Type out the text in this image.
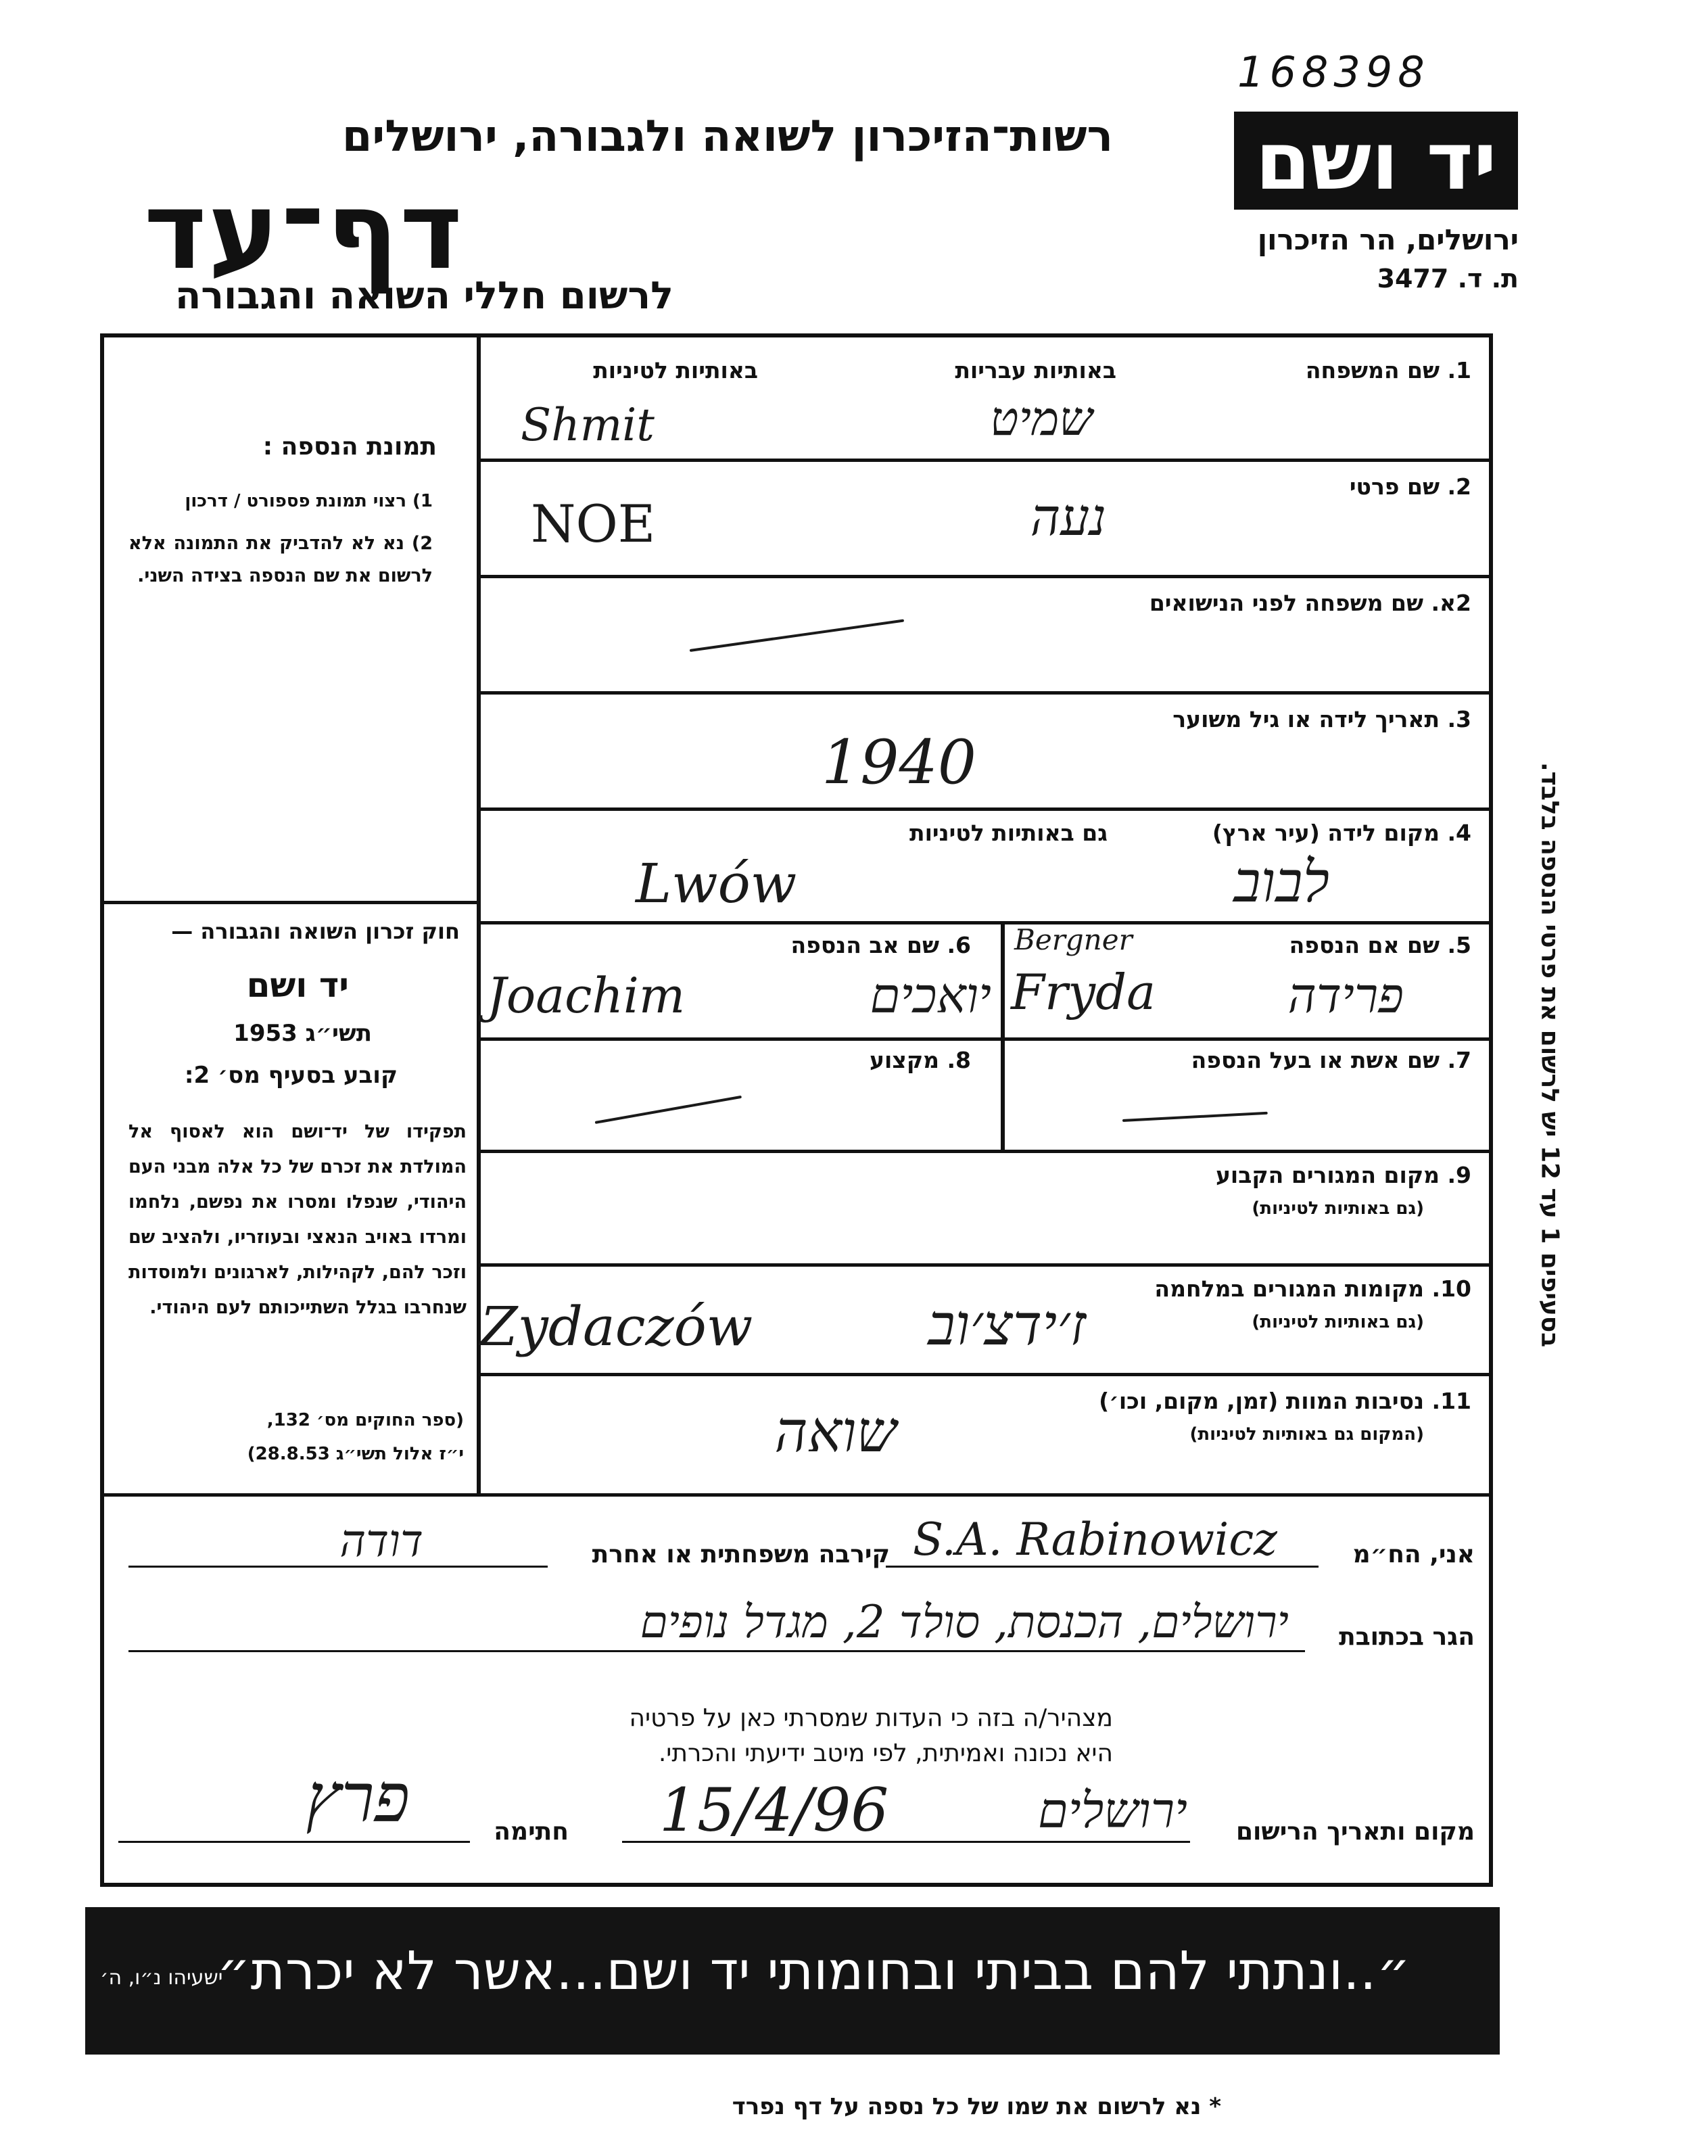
168398
יד ושם
ירושלים, הר הזיכרון
ת. ד. 3477
רשות־הזיכרון לשואה ולגבורה, ירושלים
דף־עד
לרשום חללי השואה והגבורה
תמונת הנספה :
1) רצוי תמונת פספורט / דרכון
2) נא לא להדביק את התמונה אלא לרשום את שם הנספה בצידה השני.
חוק זכרון השואה והגבורה —
יד ושם
תשי״ג 1953
קובע בסעיף מס׳ 2:
תפקידו של יד־ושם הוא לאסוף אל המולדת את זכרם של כל אלה מבני העם היהודי, שנפלו ומסרו את נפשם, נלחמו ומרדו באויב הנאצי ובעוזריו, ולהציב שם וזכר להם, לקהילות, לארגונים ולמוסדות שנחרבו בגלל השתייכותם לעם היהודי.
(ספר החוקים מס׳ 132,
י״ז אלול תשי״ג 28.8.53)
1. שם המשפחה
באותיות עבריות
באותיות לטיניות
שמיט
Shmit
2. שם פרטי
נעה
NOE
2א. שם משפחה לפני הנישואים
3. תאריך לידה או גיל משוער
1940
4. מקום לידה (עיר ארץ)
גם באותיות לטיניות
לבוב
Lwów
5. שם אם הנספה
Bergner
פרידה
Fryda
6. שם אב הנספה
יואכים
Joachim
7. שם אשת או בעל הנספה
8. מקצוע
9. מקום המגורים הקבוע
(גם באותיות לטיניות)
10. מקומות המגורים במלחמה
(גם באותיות לטיניות)
ז׳ידצ׳וב
Zydaczów
11. נסיבות המוות (זמן, מקום, וכו׳)
(המקום גם באותיות לטיניות)
שואה
אני, הח״מ
S.A. Rabinowicz
קירבה משפחתית או אחרת
דודה
הגר בכתובת
ירושלים, הכנסת, סולד 2, מגדל נופים
מצהיר/ה בזה כי העדות שמסרתי כאן על פרטיה
היא נכונה ואמיתית, לפי מיטב ידיעתי והכרתי.
מקום ותאריך הרישום
ירושלים
15/4/96
חתימה
פרץ
בסעיפים 1 עד 12 יש לרשום את פרטי הנספה בלבד.
״..ונתתי להם בביתי ובחומותי יד ושם...אשר לא יכרת״
ישעיהו נ״ו, ה׳
* נא לרשום את שמו של כל נספה על דף נפרד
